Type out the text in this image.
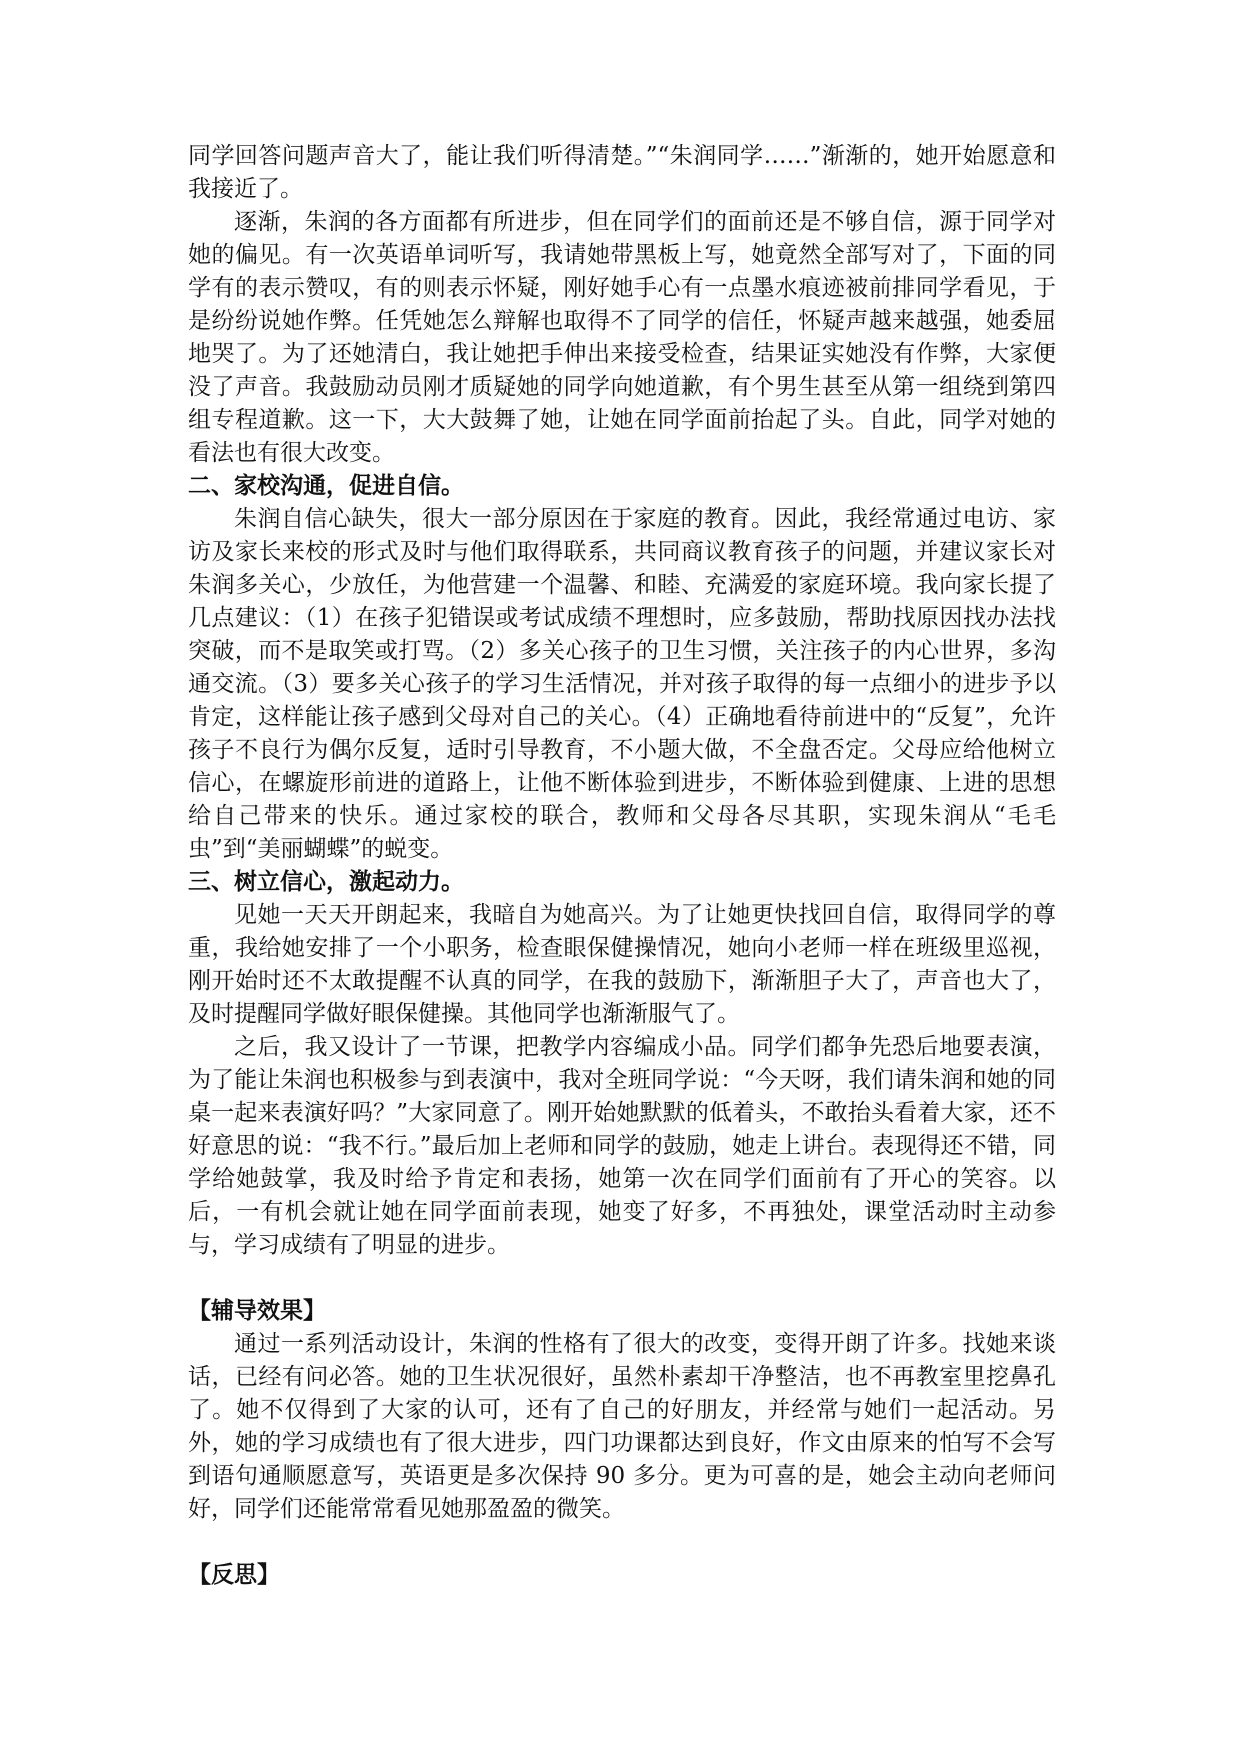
同学回答问题声音大了，能让我们听得清楚。”“朱润同学……”渐渐的，她开始愿意和我接近了。

逐渐，朱润的各方面都有所进步，但在同学们的面前还是不够自信，源于同学对她的偏见。有一次英语单词听写，我请她带黑板上写，她竟然全部写对了，下面的同学有的表示赞叹，有的则表示怀疑，刚好她手心有一点墨水痕迹被前排同学看见，于是纷纷说她作弊。任凭她怎么辩解也取得不了同学的信任，怀疑声越来越强，她委屈地哭了。为了还她清白，我让她把手伸出来接受检查，结果证实她没有作弊，大家便没了声音。我鼓励动员刚才质疑她的同学向她道歉，有个男生甚至从第一组绕到第四组专程道歉。这一下，大大鼓舞了她，让她在同学面前抬起了头。自此，同学对她的看法也有很大改变。

二、家校沟通，促进自信。

朱润自信心缺失，很大一部分原因在于家庭的教育。因此，我经常通过电访、家访及家长来校的形式及时与他们取得联系，共同商议教育孩子的问题，并建议家长对朱润多关心，少放任，为他营建一个温馨、和睦、充满爱的家庭环境。我向家长提了几点建议：（1）在孩子犯错误或考试成绩不理想时，应多鼓励，帮助找原因找办法找突破，而不是取笑或打骂。（2）多关心孩子的卫生习惯，关注孩子的内心世界，多沟通交流。（3）要多关心孩子的学习生活情况，并对孩子取得的每一点细小的进步予以肯定，这样能让孩子感到父母对自己的关心。（4）正确地看待前进中的“反复”，允许孩子不良行为偶尔反复，适时引导教育，不小题大做，不全盘否定。父母应给他树立信心，在螺旋形前进的道路上，让他不断体验到进步，不断体验到健康、上进的思想给自己带来的快乐。通过家校的联合，教师和父母各尽其职，实现朱润从“毛毛虫”到“美丽蝴蝶”的蜕变。

三、树立信心，激起动力。

见她一天天开朗起来，我暗自为她高兴。为了让她更快找回自信，取得同学的尊重，我给她安排了一个小职务，检查眼保健操情况，她向小老师一样在班级里巡视，刚开始时还不太敢提醒不认真的同学，在我的鼓励下，渐渐胆子大了，声音也大了，及时提醒同学做好眼保健操。其他同学也渐渐服气了。

之后，我又设计了一节课，把教学内容编成小品。同学们都争先恐后地要表演，为了能让朱润也积极参与到表演中，我对全班同学说：“今天呀，我们请朱润和她的同桌一起来表演好吗？”大家同意了。刚开始她默默的低着头，不敢抬头看着大家，还不好意思的说：“我不行。”最后加上老师和同学的鼓励，她走上讲台。表现得还不错，同学给她鼓掌，我及时给予肯定和表扬，她第一次在同学们面前有了开心的笑容。以后，一有机会就让她在同学面前表现，她变了好多，不再独处，课堂活动时主动参与，学习成绩有了明显的进步。

【辅导效果】

通过一系列活动设计，朱润的性格有了很大的改变，变得开朗了许多。找她来谈话，已经有问必答。她的卫生状况很好，虽然朴素却干净整洁，也不再教室里挖鼻孔了。她不仅得到了大家的认可，还有了自己的好朋友，并经常与她们一起活动。另外，她的学习成绩也有了很大进步，四门功课都达到良好，作文由原来的怕写不会写到语句通顺愿意写，英语更是多次保持 90 多分。更为可喜的是，她会主动向老师问好，同学们还能常常看见她那盈盈的微笑。

【反思】
